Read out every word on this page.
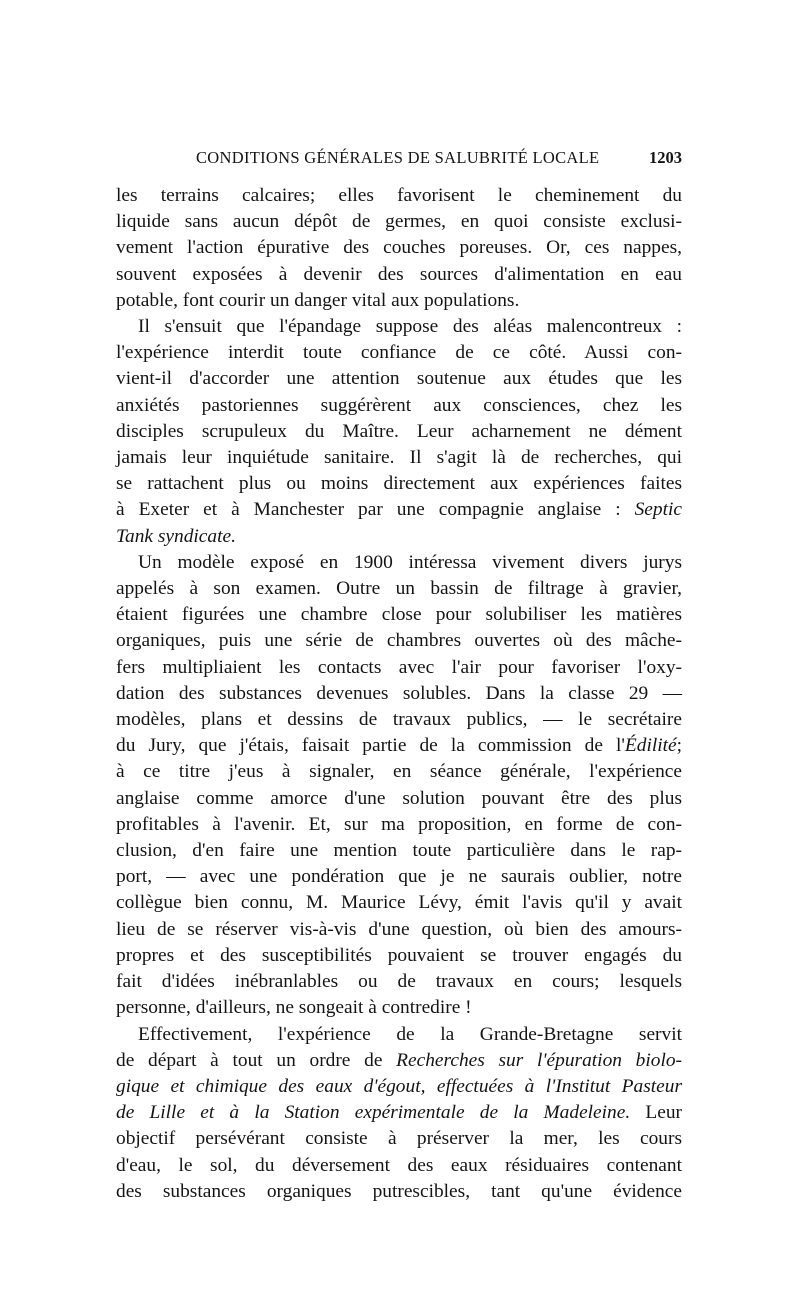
CONDITIONS GÉNÉRALES DE SALUBRITÉ LOCALE	1203

les terrains calcaires; elles favorisent le cheminement du
liquide sans aucun dépôt de germes, en quoi consiste exclusi-
vement l'action épurative des couches poreuses. Or, ces nappes,
souvent exposées à devenir des sources d'alimentation en eau
potable, font courir un danger vital aux populations.

Il s'ensuit que l'épandage suppose des aléas malencontreux :
l'expérience interdit toute confiance de ce côté. Aussi con-
vient-il d'accorder une attention soutenue aux études que les
anxiétés pastoriennes suggérèrent aux consciences, chez les
disciples scrupuleux du Maître. Leur acharnement ne dément
jamais leur inquiétude sanitaire. Il s'agit là de recherches, qui
se rattachent plus ou moins directement aux expériences faites
à Exeter et à Manchester par une compagnie anglaise : Septic
Tank syndicate.

Un modèle exposé en 1900 intéressa vivement divers jurys
appelés à son examen. Outre un bassin de filtrage à gravier,
étaient figurées une chambre close pour solubiliser les matières
organiques, puis une série de chambres ouvertes où des mâche-
fers multipliaient les contacts avec l'air pour favoriser l'oxy-
dation des substances devenues solubles. Dans la classe 29 —
modèles, plans et dessins de travaux publics, — le secrétaire
du Jury, que j'étais, faisait partie de la commission de l'Édilité;
à ce titre j'eus à signaler, en séance générale, l'expérience
anglaise comme amorce d'une solution pouvant être des plus
profitables à l'avenir. Et, sur ma proposition, en forme de con-
clusion, d'en faire une mention toute particulière dans le rap-
port, — avec une pondération que je ne saurais oublier, notre
collègue bien connu, M. Maurice Lévy, émit l'avis qu'il y avait
lieu de se réserver vis-à-vis d'une question, où bien des amours-
propres et des susceptibilités pouvaient se trouver engagés du
fait d'idées inébranlables ou de travaux en cours; lesquels
personne, d'ailleurs, ne songeait à contredire !

Effectivement, l'expérience de la Grande-Bretagne servit
de départ à tout un ordre de Recherches sur l'épuration biolo-
gique et chimique des eaux d'égout, effectuées à l'Institut Pasteur
de Lille et à la Station expérimentale de la Madeleine. Leur
objectif persévérant consiste à préserver la mer, les cours
d'eau, le sol, du déversement des eaux résiduaires contenant
des substances organiques putrescibles, tant qu'une évidence
